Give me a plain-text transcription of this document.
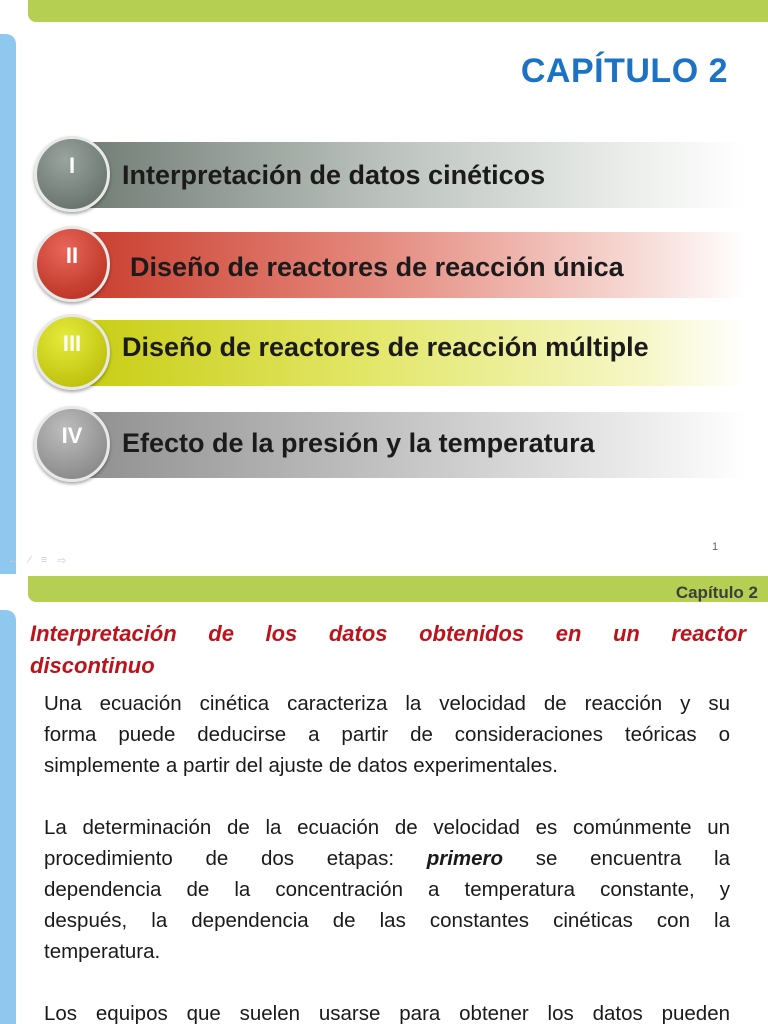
CAPÍTULO 2
I	Interpretación de datos cinéticos
II	Diseño de reactores de reacción única
III	Diseño de reactores de reacción múltiple
IV	Efecto de la presión y la temperatura
1
← ∕ ≡ ⇨
Capítulo 2
Interpretación de los datos obtenidos en un reactor
discontinuo
Una ecuación cinética caracteriza la velocidad de reacción y su
forma puede deducirse a partir de consideraciones teóricas o
simplemente a partir del ajuste de datos experimentales.
La determinación de la ecuación de velocidad es comúnmente un
procedimiento de dos etapas: primero se encuentra la
dependencia de la concentración a temperatura constante, y
después, la dependencia de las constantes cinéticas con la
temperatura.
Los equipos que suelen usarse para obtener los datos pueden
